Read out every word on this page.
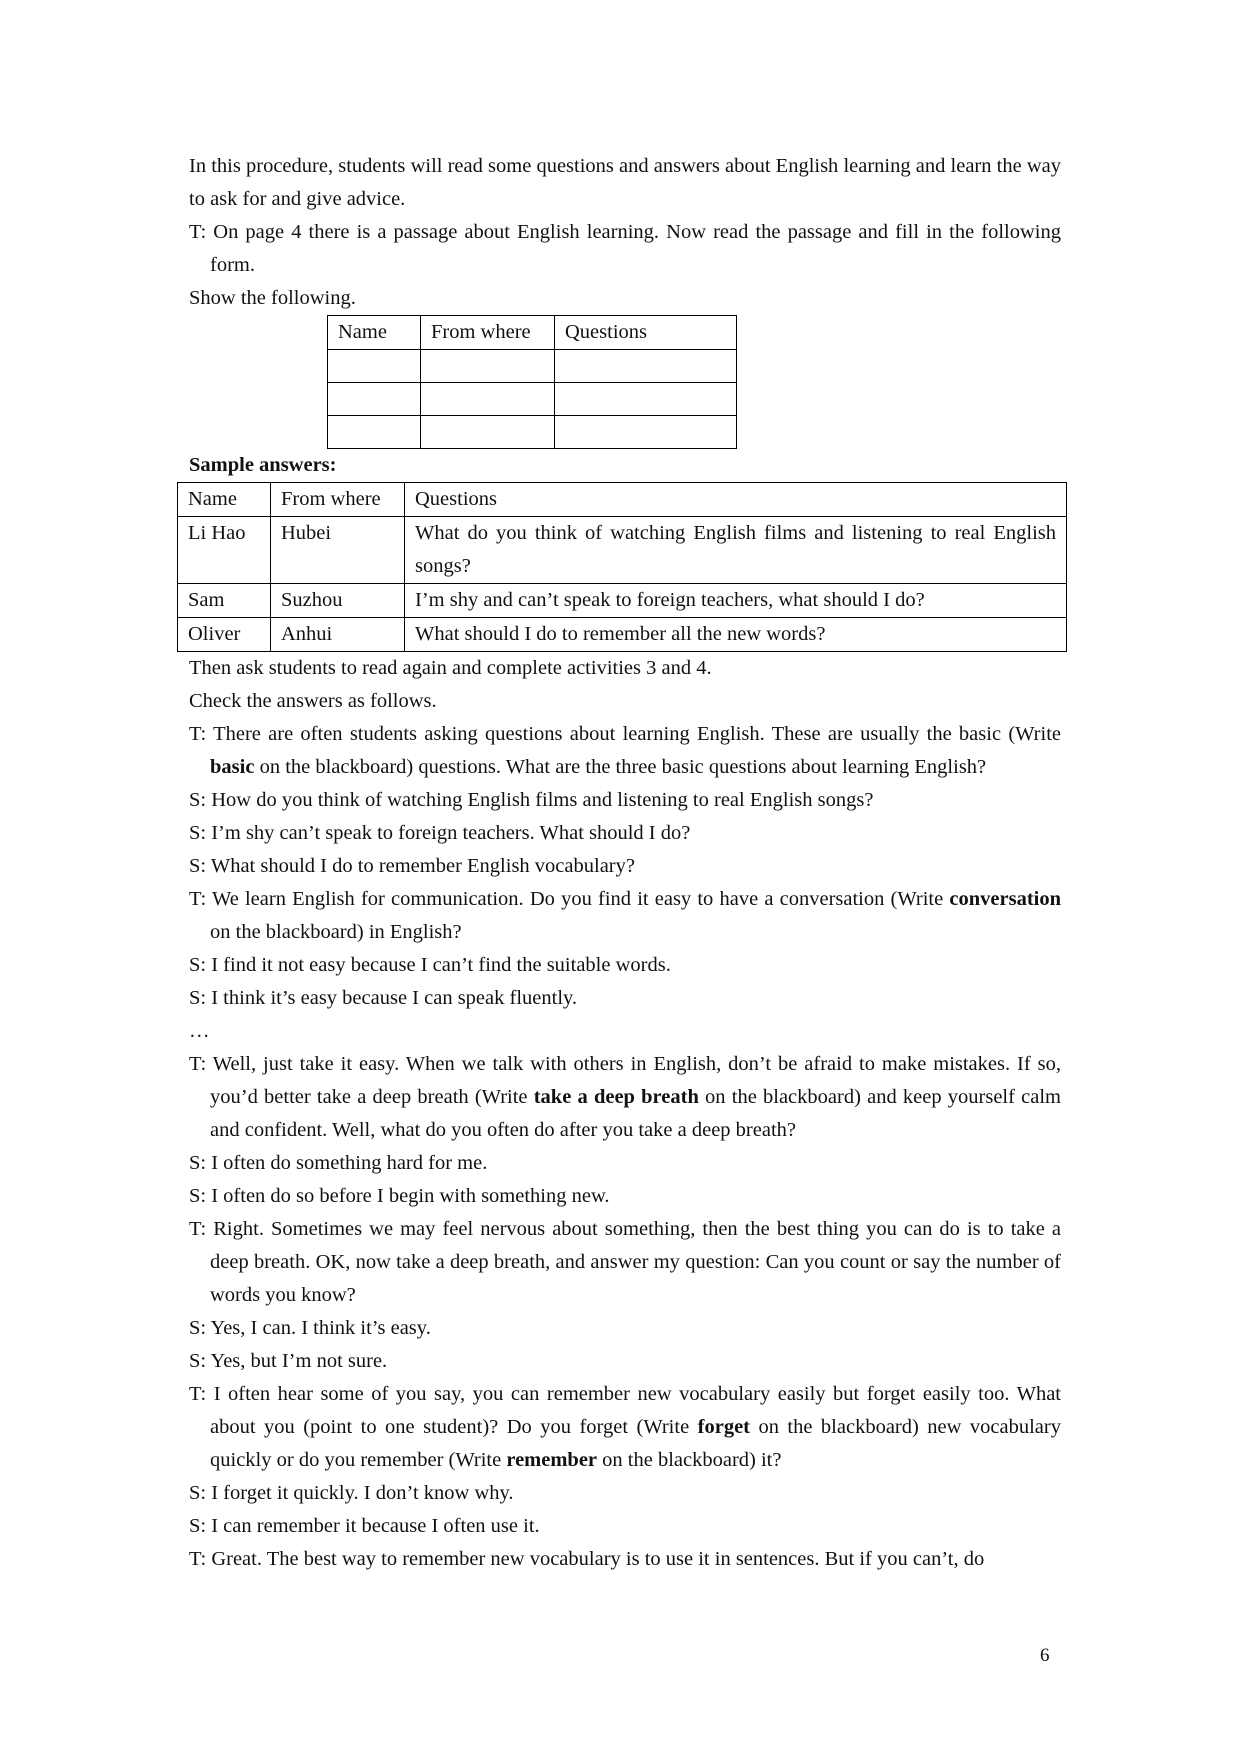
In this procedure, students will read some questions and answers about English learning and learn the way to ask for and give advice.

T: On page 4 there is a passage about English learning. Now read the passage and fill in the following form.

Show the following.

Name	From where	Questions

Sample answers:

Name	From where	Questions
Li Hao	Hubei	What do you think of watching English films and listening to real English songs?
Sam	Suzhou	I’m shy and can’t speak to foreign teachers, what should I do?
Oliver	Anhui	What should I do to remember all the new words?

Then ask students to read again and complete activities 3 and 4.

Check the answers as follows.

T: There are often students asking questions about learning English. These are usually the basic (Write basic on the blackboard) questions. What are the three basic questions about learning English?

S: How do you think of watching English films and listening to real English songs?

S: I’m shy can’t speak to foreign teachers. What should I do?

S: What should I do to remember English vocabulary?

T: We learn English for communication. Do you find it easy to have a conversation (Write conversation on the blackboard) in English?

S: I find it not easy because I can’t find the suitable words.

S: I think it’s easy because I can speak fluently.

…

T: Well, just take it easy. When we talk with others in English, don’t be afraid to make mistakes. If so, you’d better take a deep breath (Write take a deep breath on the blackboard) and keep yourself calm and confident. Well, what do you often do after you take a deep breath?

S: I often do something hard for me.

S: I often do so before I begin with something new.

T: Right. Sometimes we may feel nervous about something, then the best thing you can do is to take a deep breath. OK, now take a deep breath, and answer my question: Can you count or say the number of words you know?

S: Yes, I can. I think it’s easy.

S: Yes, but I’m not sure.

T: I often hear some of you say, you can remember new vocabulary easily but forget easily too. What about you (point to one student)? Do you forget (Write forget on the blackboard) new vocabulary quickly or do you remember (Write remember on the blackboard) it?

S: I forget it quickly. I don’t know why.

S: I can remember it because I often use it.

T: Great. The best way to remember new vocabulary is to use it in sentences. But if you can’t, do

6
